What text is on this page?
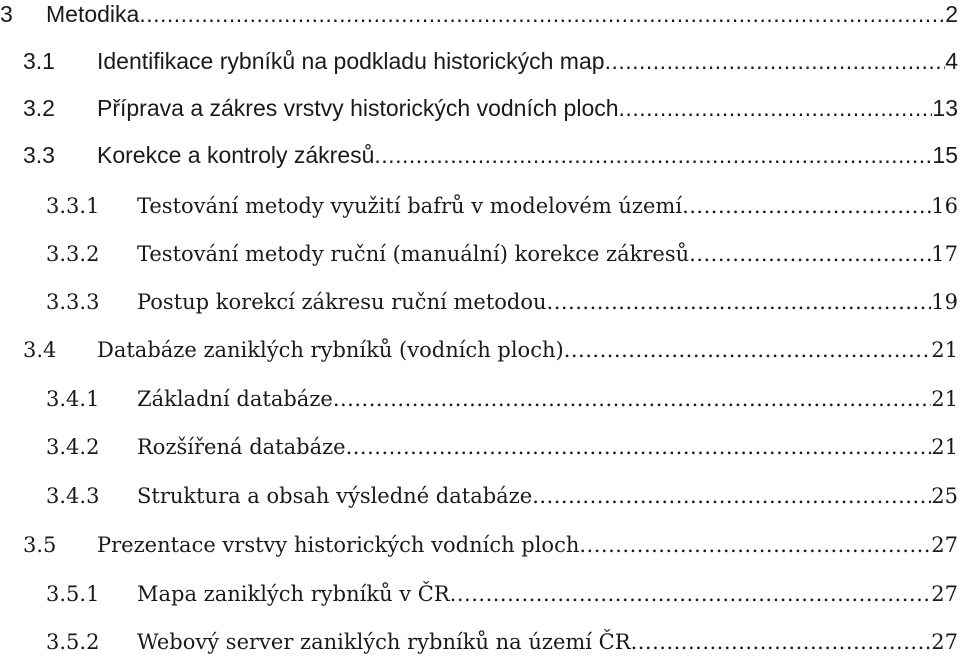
3	Metodika .....	2
3.1	Identifikace rybníků na podkladu historických map .....	4
3.2	Příprava a zákres vrstvy historických vodních ploch .....	13
3.3	Korekce a kontroly zákresů .....	15
3.3.1	Testování metody využití bafrů v modelovém území .....	16
3.3.2	Testování metody ruční (manuální) korekce zákresů .....	17
3.3.3	Postup korekcí zákresu ruční metodou .....	19
3.4	Databáze zaniklých rybníků (vodních ploch) .....	21
3.4.1	Základní databáze .....	21
3.4.2	Rozšířená databáze .....	21
3.4.3	Struktura a obsah výsledné databáze .....	25
3.5	Prezentace vrstvy historických vodních ploch .....	27
3.5.1	Mapa zaniklých rybníků v ČR .....	27
3.5.2	Webový server zaniklých rybníků na území ČR .....	27
